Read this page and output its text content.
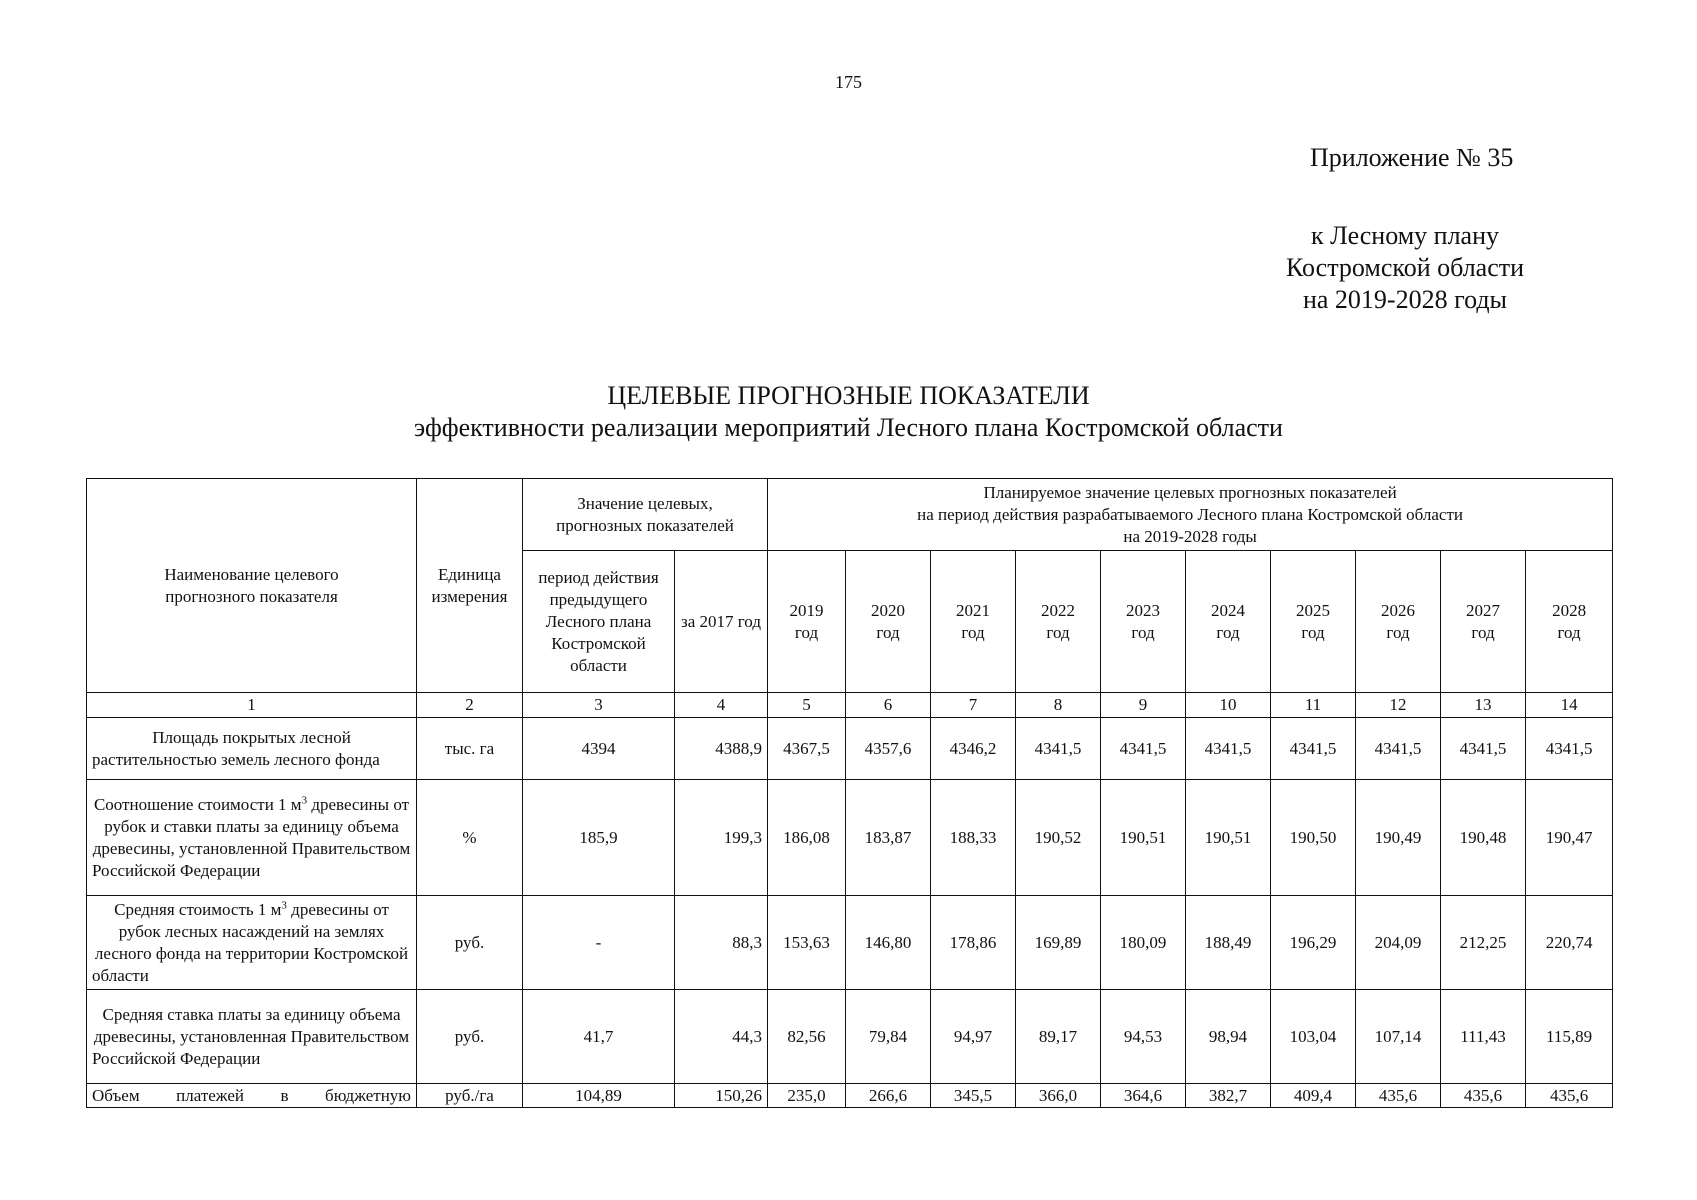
175
Приложение № 35
к Лесному плану
Костромской области
на 2019-2028 годы
ЦЕЛЕВЫЕ ПРОГНОЗНЫЕ ПОКАЗАТЕЛИ
эффективности реализации мероприятий Лесного плана Костромской области
Наименование целевого прогнозного показателя	Единица измерения	Значение целевых, прогнозных показателей		Планируемое значение целевых прогнозных показателей
на период действия разрабатываемого Лесного плана Костромской области
на 2019-2028 годы									

		период действия предыдущего Лесного плана Костромской области	за 2017 год	2019 год	2020 год	2021 год	2022 год	2023 год	2024 год	2025 год	2026 год	2027 год	2028 год
1	2	3	4	5	6	7	8	9	10	11	12	13	14
Площадь покрытых лесной растительностью земель лесного фонда	тыс. га	4394	4388,9	4367,5	4357,6	4346,2	4341,5	4341,5	4341,5	4341,5	4341,5	4341,5	4341,5
Соотношение стоимости 1 $м^3$ древесины от рубок и ставки платы за единицу объема древесины, установленной Правительством Российской Федерации	%	185,9	199,3	186,08	183,87	188,33	190,52	190,51	190,51	190,50	190,49	190,48	190,47
Средняя стоимость 1 $м^3$ древесины от рубок лесных насаждений на землях лесного фонда на территории Костромской области	руб.	-	88,3	153,63	146,80	178,86	169,89	180,09	188,49	196,29	204,09	212,25	220,74
Средняя ставка платы за единицу объема древесины, установленная Правительством Российской Федерации	руб.	41,7	44,3	82,56	79,84	94,97	89,17	94,53	98,94	103,04	107,14	111,43	115,89
Объем платежей в бюджетную	руб./га	104,89	150,26	235,0	266,6	345,5	366,0	364,6	382,7	409,4	435,6	435,6	435,6
